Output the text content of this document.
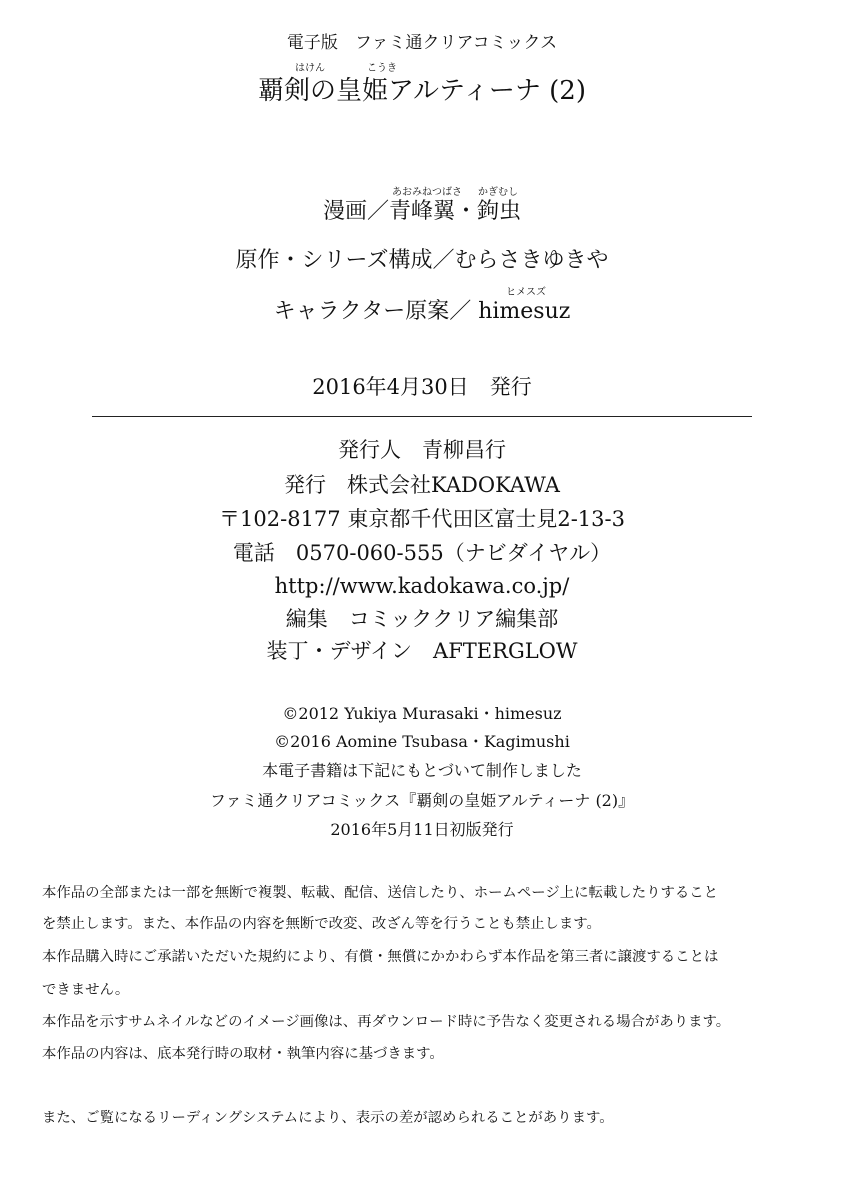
電子版　ファミ通クリアコミックス
はけん	こうき
覇剣の皇姫アルティーナ (2)
あおみねつばさ かぎむし
漫画／青峰翼・鉤虫
原作・シリーズ構成／むらさきゆきや
ヒメスズ
キャラクター原案／ himesuz
2016年4月30日　発行
発行人　青柳昌行
発行　株式会社KADOKAWA
〒102-8177 東京都千代田区富士見2-13-3
電話　0570-060-555（ナビダイヤル）
http://www.kadokawa.co.jp/
編集　コミッククリア編集部
装丁・デザイン　AFTERGLOW
©2012 Yukiya Murasaki・himesuz
©2016 Aomine Tsubasa・Kagimushi
本電子書籍は下記にもとづいて制作しました
ファミ通クリアコミックス『覇剣の皇姫アルティーナ (2)』
2016年5月11日初版発行
本作品の全部または一部を無断で複製、転載、配信、送信したり、ホームページ上に転載したりすること
を禁止します。また、本作品の内容を無断で改変、改ざん等を行うことも禁止します。
本作品購入時にご承諾いただいた規約により、有償・無償にかかわらず本作品を第三者に譲渡することは
できません。
本作品を示すサムネイルなどのイメージ画像は、再ダウンロード時に予告なく変更される場合があります。
本作品の内容は、底本発行時の取材・執筆内容に基づきます。
また、ご覧になるリーディングシステムにより、表示の差が認められることがあります。
